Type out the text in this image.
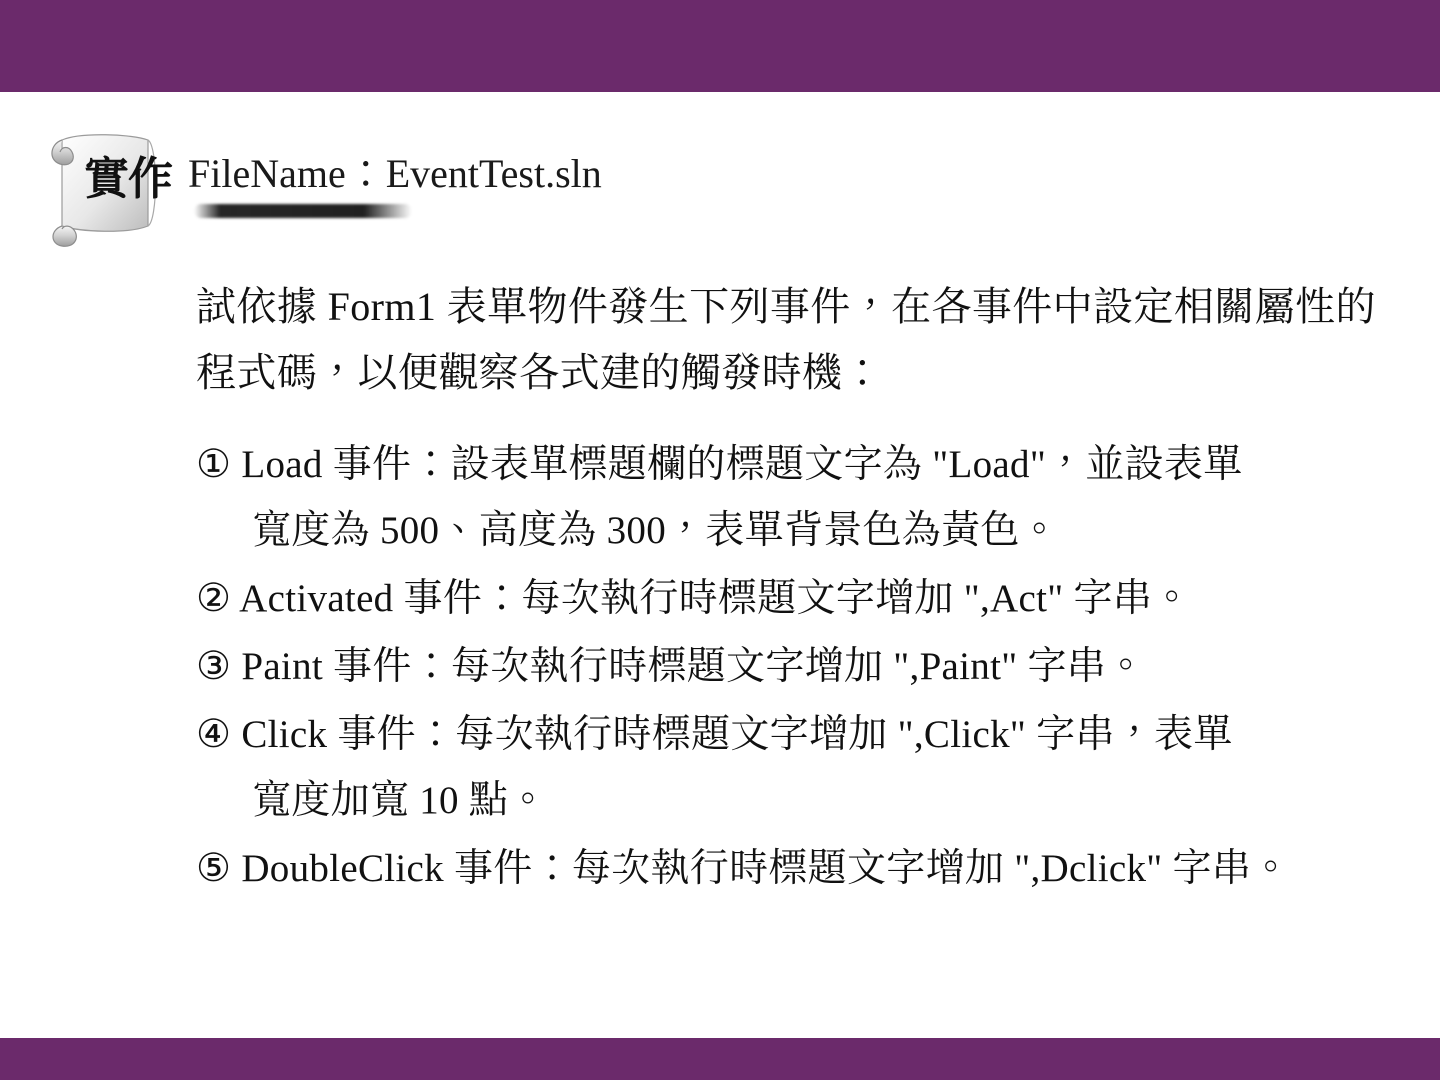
實作 FileName：EventTest.sln
試依據 Form1 表單物件發生下列事件，在各事件中設定相關屬性的程式碼，以便觀察各式建的觸發時機：
① Load 事件：設表單標題欄的標題文字為 "Load"，並設表單
寬度為 500、高度為 300，表單背景色為黃色。
② Activated 事件：每次執行時標題文字增加 ",Act" 字串。
③ Paint 事件：每次執行時標題文字增加 ",Paint" 字串。
④ Click 事件：每次執行時標題文字增加 ",Click" 字串，表單
寬度加寬 10 點。
⑤ DoubleClick 事件：每次執行時標題文字增加 ",Dclick" 字串。
